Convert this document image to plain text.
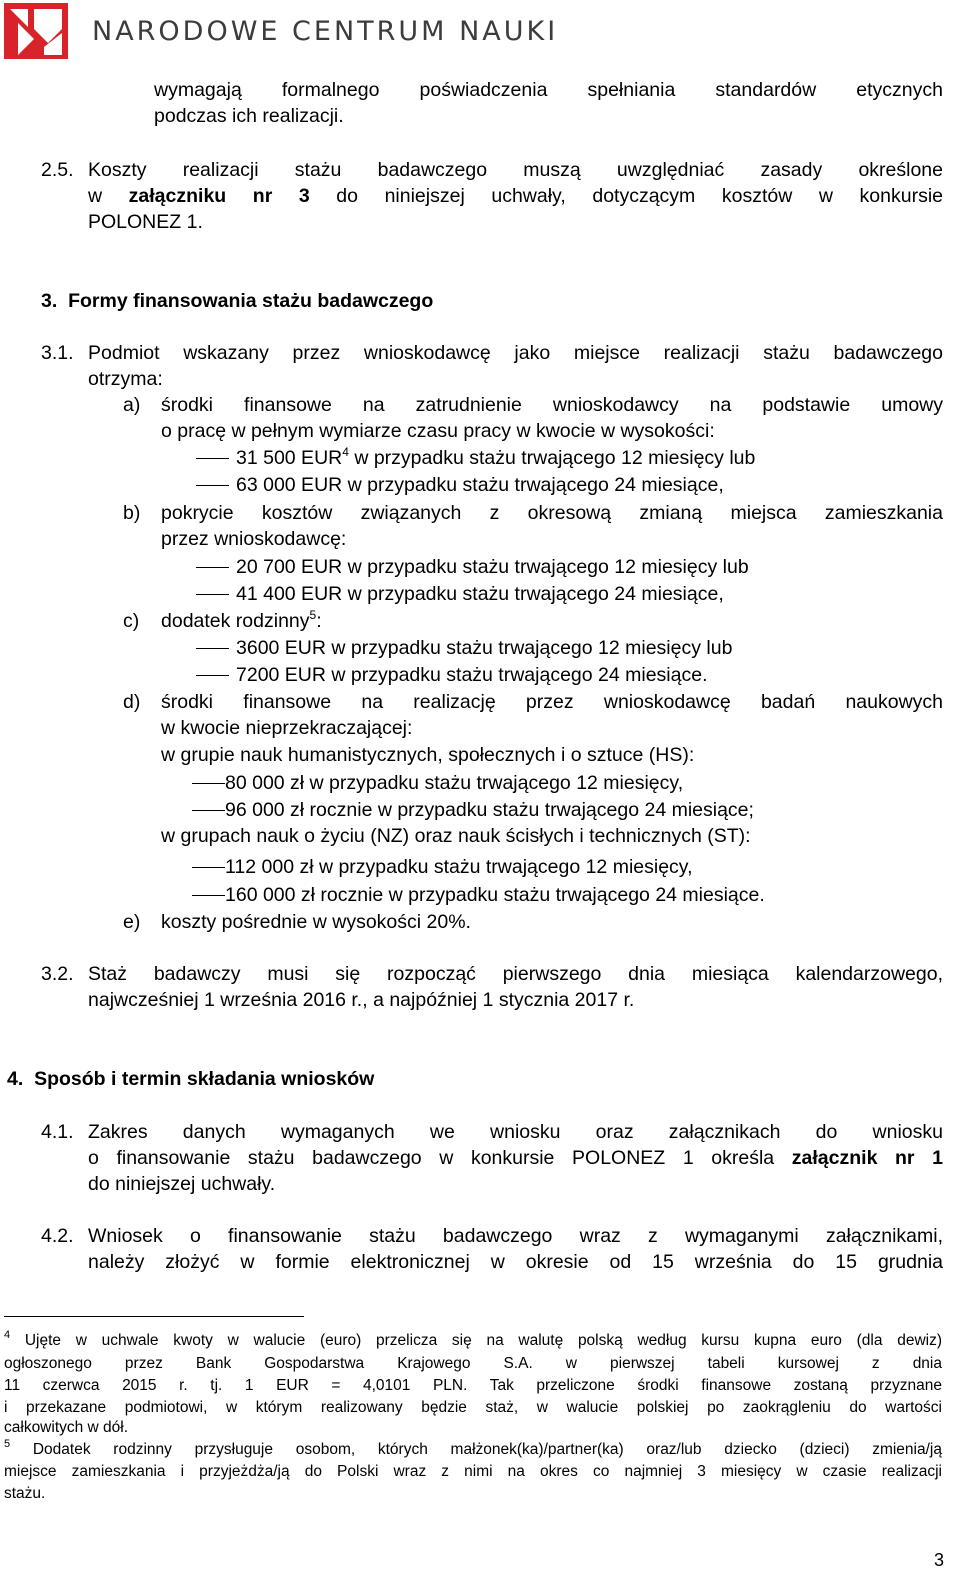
NARODOWE CENTRUM NAUKI
wymagają formalnego poświadczenia spełniania standardów etycznych
podczas ich realizacji.
2.5. Koszty realizacji stażu badawczego muszą uwzględniać zasady określone
w załączniku nr 3 do niniejszej uchwały, dotyczącym kosztów w konkursie
POLONEZ 1.
3.  Formy finansowania stażu badawczego
3.1. Podmiot wskazany przez wnioskodawcę jako miejsce realizacji stażu badawczego
otrzyma:
a) środki finansowe na zatrudnienie wnioskodawcy na podstawie umowy
o pracę w pełnym wymiarze czasu pracy w kwocie w wysokości:
31 500 EUR$^4$ w przypadku stażu trwającego 12 miesięcy lub
63 000 EUR w przypadku stażu trwającego 24 miesiące,
b) pokrycie kosztów związanych z okresową zmianą miejsca zamieszkania
przez wnioskodawcę:
20 700 EUR w przypadku stażu trwającego 12 miesięcy lub
41 400 EUR w przypadku stażu trwającego 24 miesiące,
c) dodatek rodzinny$^5$:
3600 EUR w przypadku stażu trwającego 12 miesięcy lub
7200 EUR w przypadku stażu trwającego 24 miesiące.
d) środki finansowe na realizację przez wnioskodawcę badań naukowych
w kwocie nieprzekraczającej:
w grupie nauk humanistycznych, społecznych i o sztuce (HS):
80 000 zł w przypadku stażu trwającego 12 miesięcy,
96 000 zł rocznie w przypadku stażu trwającego 24 miesiące;
w grupach nauk o życiu (NZ) oraz nauk ścisłych i technicznych (ST):
112 000 zł w przypadku stażu trwającego 12 miesięcy,
160 000 zł rocznie w przypadku stażu trwającego 24 miesiące.
e) koszty pośrednie w wysokości 20%.
3.2. Staż badawczy musi się rozpocząć pierwszego dnia miesiąca kalendarzowego,
najwcześniej 1 września 2016 r., a najpóźniej 1 stycznia 2017 r.
4.  Sposób i termin składania wniosków
4.1. Zakres danych wymaganych we wniosku oraz załącznikach do wniosku
o finansowanie stażu badawczego w konkursie POLONEZ 1 określa załącznik nr 1
do niniejszej uchwały.
4.2. Wniosek o finansowanie stażu badawczego wraz z wymaganymi załącznikami,
należy złożyć w formie elektronicznej w okresie od 15 września do 15 grudnia
$^4$ Ujęte w uchwale kwoty w walucie (euro) przelicza się na walutę polską według kursu kupna euro (dla dewiz)
ogłoszonego przez Bank Gospodarstwa Krajowego S.A. w pierwszej tabeli kursowej z dnia
11 czerwca 2015 r. tj. 1 EUR = 4,0101 PLN. Tak przeliczone środki finansowe zostaną przyznane
i przekazane podmiotowi, w którym realizowany będzie staż, w walucie polskiej po zaokrągleniu do wartości
całkowitych w dół.
$^5$ Dodatek rodzinny przysługuje osobom, których małżonek(ka)/partner(ka) oraz/lub dziecko (dzieci) zmienia/ją
miejsce zamieszkania i przyjeżdża/ją do Polski wraz z nimi na okres co najmniej 3 miesięcy w czasie realizacji
stażu.
3
